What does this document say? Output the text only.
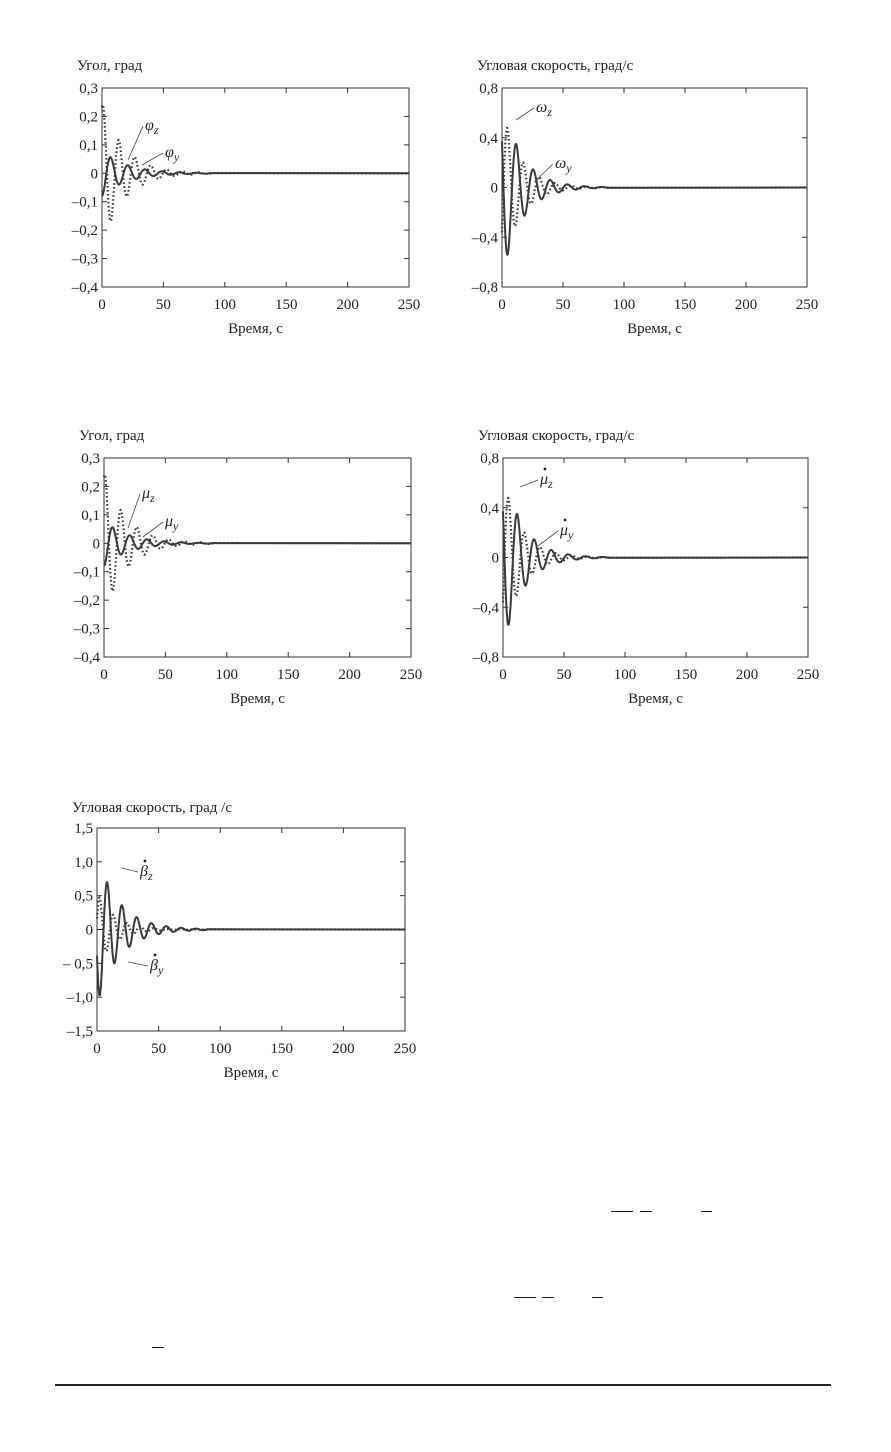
Угол, град
0,3
0,2
0,1
0
–0,1
–0,2
–0,3
–0,4
0	50	100	150	200	250
Время, с
$\varphi_z$
$\varphi_y$
Угловая скорость, град/с
0,8
0,4
0
–0,4
–0,8
0	50	100	150	200	250
Время, с
$\omega_z$
$\omega_y$
Угол, град
0,3
0,2
0,1
0
–0,1
–0,2
–0,3
–0,4
0	50	100	150	200	250
Время, с
$\mu_z$
$\mu_y$
Угловая скорость, град/с
0,8
0,4
0
–0,4
–0,8
0	50	100	150	200	250
Время, с
$\mu_z$
$\mu_y$
Угловая скорость, град /с
1,5
1,0
0,5
0
– 0,5
–1,0
–1,5
0	50	100	150	200	250
Время, с
$\beta_z$
$\beta_y$
